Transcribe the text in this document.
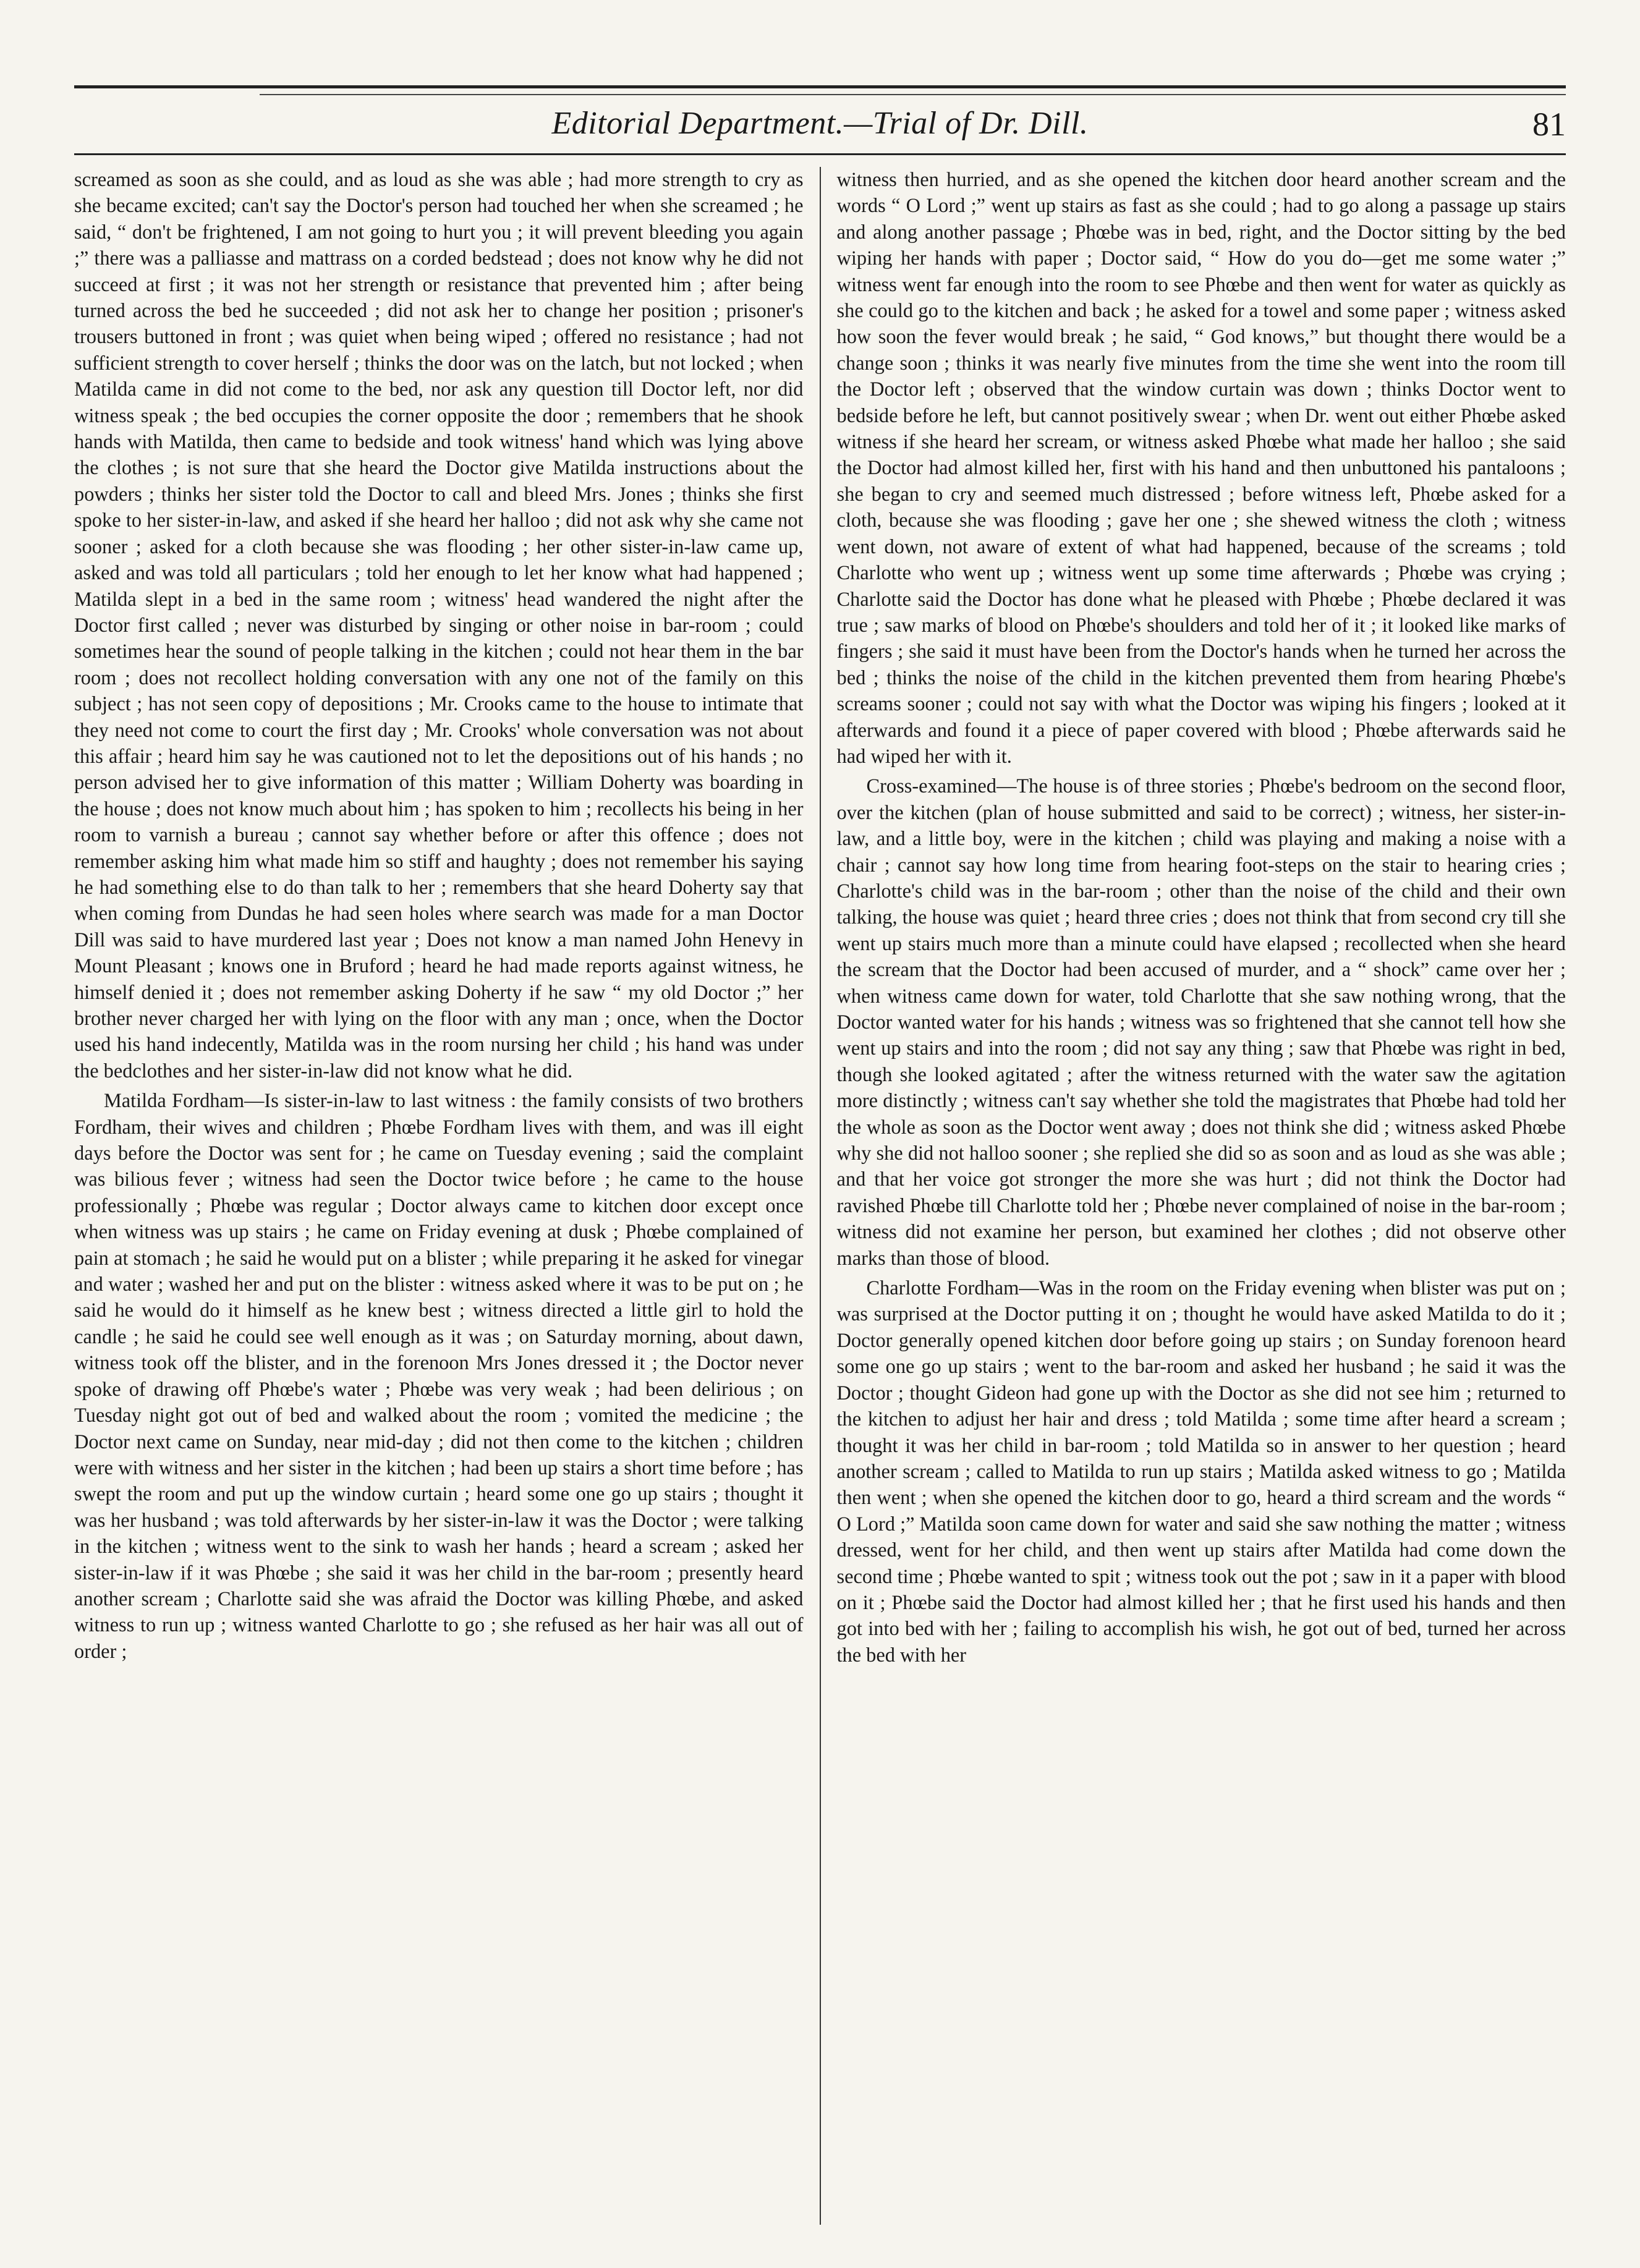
Editorial Department.—Trial of Dr. Dill.	81

screamed as soon as she could, and as loud as she was able ; had more strength to cry as she became excited; can't say the Doctor's person had touched her when she screamed ; he said, “ don't be frightened, I am not going to hurt you ; it will prevent bleeding you again ;” there was a palliasse and mattrass on a corded bedstead ; does not know why he did not succeed at first ; it was not her strength or resistance that prevented him ; after being turned across the bed he succeeded ; did not ask her to change her position ; prisoner's trousers buttoned in front ; was quiet when being wiped ; offered no resistance ; had not sufficient strength to cover herself ; thinks the door was on the latch, but not locked ; when Matilda came in did not come to the bed, nor ask any question till Doctor left, nor did witness speak ; the bed occupies the corner opposite the door ; remembers that he shook hands with Matilda, then came to bedside and took witness' hand which was lying above the clothes ; is not sure that she heard the Doctor give Matilda instructions about the powders ; thinks her sister told the Doctor to call and bleed Mrs. Jones ; thinks she first spoke to her sister-in-law, and asked if she heard her halloo ; did not ask why she came not sooner ; asked for a cloth because she was flooding ; her other sister-in-law came up, asked and was told all particulars ; told her enough to let her know what had happened ; Matilda slept in a bed in the same room ; witness' head wandered the night after the Doctor first called ; never was disturbed by singing or other noise in bar-room ; could sometimes hear the sound of people talking in the kitchen ; could not hear them in the bar room ; does not recollect holding conversation with any one not of the family on this subject ; has not seen copy of depositions ; Mr. Crooks came to the house to intimate that they need not come to court the first day ; Mr. Crooks' whole conversation was not about this affair ; heard him say he was cautioned not to let the depositions out of his hands ; no person advised her to give information of this matter ; William Doherty was boarding in the house ; does not know much about him ; has spoken to him ; recollects his being in her room to varnish a bureau ; cannot say whether before or after this offence ; does not remember asking him what made him so stiff and haughty ; does not remember his saying he had something else to do than talk to her ; remembers that she heard Doherty say that when coming from Dundas he had seen holes where search was made for a man Doctor Dill was said to have murdered last year ; Does not know a man named John Henevy in Mount Pleasant ; knows one in Bruford ; heard he had made reports against witness, he himself denied it ; does not remember asking Doherty if he saw “ my old Doctor ;” her brother never charged her with lying on the floor with any man ; once, when the Doctor used his hand indecently, Matilda was in the room nursing her child ; his hand was under the bedclothes and her sister-in-law did not know what he did.

Matilda Fordham—Is sister-in-law to last witness : the family consists of two brothers Fordham, their wives and children ; Phœbe Fordham lives with them, and was ill eight days before the Doctor was sent for ; he came on Tuesday evening ; said the complaint was bilious fever ; witness had seen the Doctor twice before ; he came to the house professionally ; Phœbe was regular ; Doctor always came to kitchen door except once when witness was up stairs ; he came on Friday evening at dusk ; Phœbe complained of pain at stomach ; he said he would put on a blister ; while preparing it he asked for vinegar and water ; washed her and put on the blister : witness asked where it was to be put on ; he said he would do it himself as he knew best ; witness directed a little girl to hold the candle ; he said he could see well enough as it was ; on Saturday morning, about dawn, witness took off the blister, and in the forenoon Mrs Jones dressed it ; the Doctor never spoke of drawing off Phœbe's water ; Phœbe was very weak ; had been delirious ; on Tuesday night got out of bed and walked about the room ; vomited the medicine ; the Doctor next came on Sunday, near mid-day ; did not then come to the kitchen ; children were with witness and her sister in the kitchen ; had been up stairs a short time before ; has swept the room and put up the window curtain ; heard some one go up stairs ; thought it was her husband ; was told afterwards by her sister-in-law it was the Doctor ; were talking in the kitchen ; witness went to the sink to wash her hands ; heard a scream ; asked her sister-in-law if it was Phœbe ; she said it was her child in the bar-room ; presently heard another scream ; Charlotte said she was afraid the Doctor was killing Phœbe, and asked witness to run up ; witness wanted Charlotte to go ; she refused as her hair was all out of order ;

witness then hurried, and as she opened the kitchen door heard another scream and the words “ O Lord ;” went up stairs as fast as she could ; had to go along a passage up stairs and along another passage ; Phœbe was in bed, right, and the Doctor sitting by the bed wiping her hands with paper ; Doctor said, “ How do you do—get me some water ;” witness went far enough into the room to see Phœbe and then went for water as quickly as she could go to the kitchen and back ; he asked for a towel and some paper ; witness asked how soon the fever would break ; he said, “ God knows,” but thought there would be a change soon ; thinks it was nearly five minutes from the time she went into the room till the Doctor left ; observed that the window curtain was down ; thinks Doctor went to bedside before he left, but cannot positively swear ; when Dr. went out either Phœbe asked witness if she heard her scream, or witness asked Phœbe what made her halloo ; she said the Doctor had almost killed her, first with his hand and then unbuttoned his pantaloons ; she began to cry and seemed much distressed ; before witness left, Phœbe asked for a cloth, because she was flooding ; gave her one ; she shewed witness the cloth ; witness went down, not aware of extent of what had happened, because of the screams ; told Charlotte who went up ; witness went up some time afterwards ; Phœbe was crying ; Charlotte said the Doctor has done what he pleased with Phœbe ; Phœbe declared it was true ; saw marks of blood on Phœbe's shoulders and told her of it ; it looked like marks of fingers ; she said it must have been from the Doctor's hands when he turned her across the bed ; thinks the noise of the child in the kitchen prevented them from hearing Phœbe's screams sooner ; could not say with what the Doctor was wiping his fingers ; looked at it afterwards and found it a piece of paper covered with blood ; Phœbe afterwards said he had wiped her with it.

Cross-examined—The house is of three stories ; Phœbe's bedroom on the second floor, over the kitchen (plan of house submitted and said to be correct) ; witness, her sister-in-law, and a little boy, were in the kitchen ; child was playing and making a noise with a chair ; cannot say how long time from hearing foot-steps on the stair to hearing cries ; Charlotte's child was in the bar-room ; other than the noise of the child and their own talking, the house was quiet ; heard three cries ; does not think that from second cry till she went up stairs much more than a minute could have elapsed ; recollected when she heard the scream that the Doctor had been accused of murder, and a “ shock” came over her ; when witness came down for water, told Charlotte that she saw nothing wrong, that the Doctor wanted water for his hands ; witness was so frightened that she cannot tell how she went up stairs and into the room ; did not say any thing ; saw that Phœbe was right in bed, though she looked agitated ; after the witness returned with the water saw the agitation more distinctly ; witness can't say whether she told the magistrates that Phœbe had told her the whole as soon as the Doctor went away ; does not think she did ; witness asked Phœbe why she did not halloo sooner ; she replied she did so as soon and as loud as she was able ; and that her voice got stronger the more she was hurt ; did not think the Doctor had ravished Phœbe till Charlotte told her ; Phœbe never complained of noise in the bar-room ; witness did not examine her person, but examined her clothes ; did not observe other marks than those of blood.

Charlotte Fordham—Was in the room on the Friday evening when blister was put on ; was surprised at the Doctor putting it on ; thought he would have asked Matilda to do it ; Doctor generally opened kitchen door before going up stairs ; on Sunday forenoon heard some one go up stairs ; went to the bar-room and asked her husband ; he said it was the Doctor ; thought Gideon had gone up with the Doctor as she did not see him ; returned to the kitchen to adjust her hair and dress ; told Matilda ; some time after heard a scream ; thought it was her child in bar-room ; told Matilda so in answer to her question ; heard another scream ; called to Matilda to run up stairs ; Matilda asked witness to go ; Matilda then went ; when she opened the kitchen door to go, heard a third scream and the words “ O Lord ;” Matilda soon came down for water and said she saw nothing the matter ; witness dressed, went for her child, and then went up stairs after Matilda had come down the second time ; Phœbe wanted to spit ; witness took out the pot ; saw in it a paper with blood on it ; Phœbe said the Doctor had almost killed her ; that he first used his hands and then got into bed with her ; failing to accomplish his wish, he got out of bed, turned her across the bed with her
